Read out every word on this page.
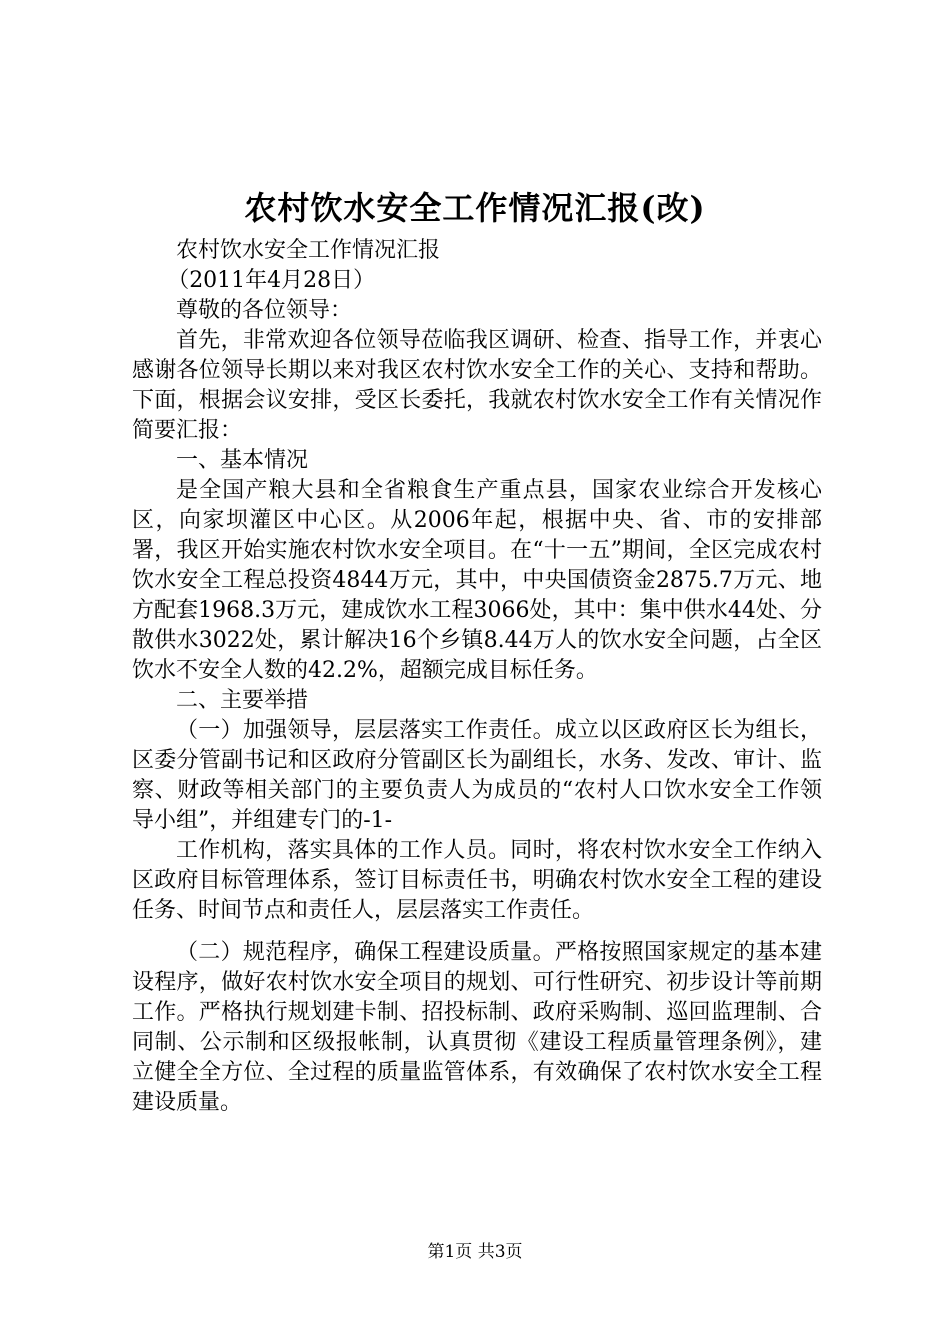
农村饮水安全工作情况汇报(改)

农村饮水安全工作情况汇报

（2011年4月28日）

尊敬的各位领导：

首先，非常欢迎各位领导莅临我区调研、检查、指导工作，并衷心感谢各位领导长期以来对我区农村饮水安全工作的关心、支持和帮助。下面，根据会议安排，受区长委托，我就农村饮水安全工作有关情况作简要汇报：

一、基本情况

是全国产粮大县和全省粮食生产重点县，国家农业综合开发核心区，向家坝灌区中心区。从2006年起，根据中央、省、市的安排部署，我区开始实施农村饮水安全项目。在“十一五”期间，全区完成农村饮水安全工程总投资4844万元，其中，中央国债资金2875.7万元、地方配套1968.3万元，建成饮水工程3066处，其中：集中供水44处、分散供水3022处，累计解决16个乡镇8.44万人的饮水安全问题，占全区饮水不安全人数的42.2%，超额完成目标任务。

二、主要举措

（一）加强领导，层层落实工作责任。成立以区政府区长为组长，区委分管副书记和区政府分管副区长为副组长，水务、发改、审计、监察、财政等相关部门的主要负责人为成员的“农村人口饮水安全工作领导小组”，并组建专门的-1-

工作机构，落实具体的工作人员。同时，将农村饮水安全工作纳入区政府目标管理体系，签订目标责任书，明确农村饮水安全工程的建设任务、时间节点和责任人，层层落实工作责任。

（二）规范程序，确保工程建设质量。严格按照国家规定的基本建设程序，做好农村饮水安全项目的规划、可行性研究、初步设计等前期工作。严格执行规划建卡制、招投标制、政府采购制、巡回监理制、合同制、公示制和区级报帐制，认真贯彻《建设工程质量管理条例》，建立健全全方位、全过程的质量监管体系，有效确保了农村饮水安全工程建设质量。

第1页 共3页
